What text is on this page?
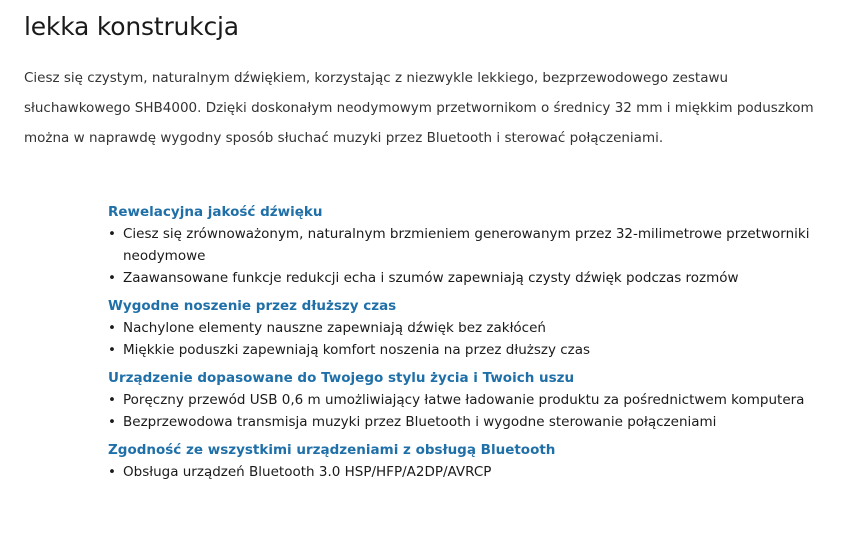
lekka konstrukcja

Ciesz się czystym, naturalnym dźwiękiem, korzystając z niezwykle lekkiego, bezprzewodowego zestawu słuchawkowego SHB4000. Dzięki doskonałym neodymowym przetwornikom o średnicy 32 mm i miękkim poduszkom można w naprawdę wygodny sposób słuchać muzyki przez Bluetooth i sterować połączeniami.

Rewelacyjna jakość dźwięku
• Ciesz się zrównoważonym, naturalnym brzmieniem generowanym przez 32-milimetrowe przetworniki neodymowe
• Zaawansowane funkcje redukcji echa i szumów zapewniają czysty dźwięk podczas rozmów
Wygodne noszenie przez dłuższy czas
• Nachylone elementy nauszne zapewniają dźwięk bez zakłóceń
• Miękkie poduszki zapewniają komfort noszenia na przez dłuższy czas
Urządzenie dopasowane do Twojego stylu życia i Twoich uszu
• Poręczny przewód USB 0,6 m umożliwiający łatwe ładowanie produktu za pośrednictwem komputera
• Bezprzewodowa transmisja muzyki przez Bluetooth i wygodne sterowanie połączeniami
Zgodność ze wszystkimi urządzeniami z obsługą Bluetooth
• Obsługa urządzeń Bluetooth 3.0 HSP/HFP/A2DP/AVRCP
